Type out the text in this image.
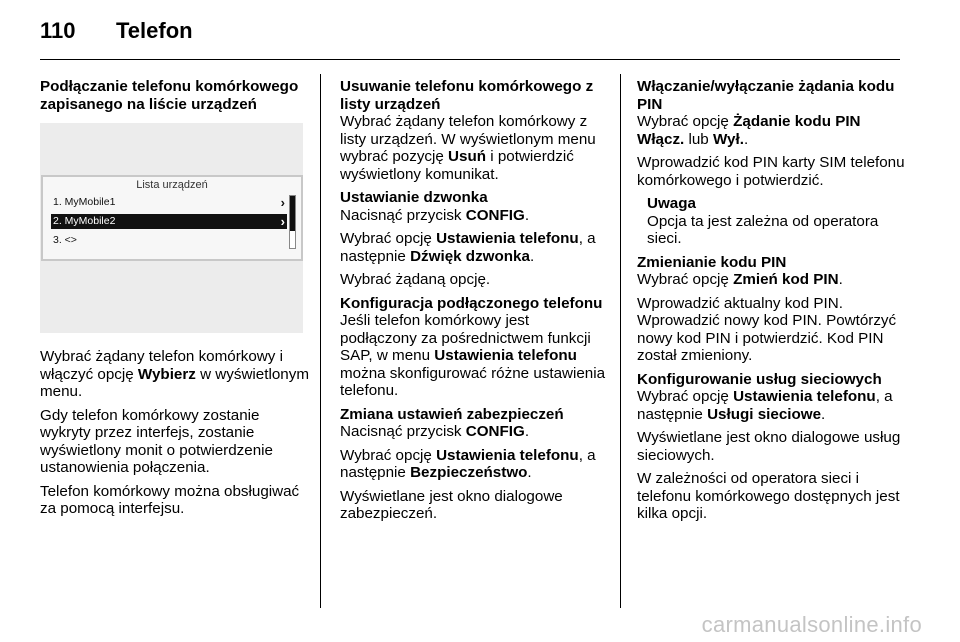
110 Telefon

Podłączanie telefonu komórkowego zapisanego na liście urządzeń

Lista urządzeń
1. MyMobile1	›
2. MyMobile2	›
3. <>

Wybrać żądany telefon komórkowy i włączyć opcję Wybierz w wyświetlonym menu.

Gdy telefon komórkowy zostanie wykryty przez interfejs, zostanie wyświetlony monit o potwierdzenie ustanowienia połączenia.

Telefon komórkowy można obsługiwać za pomocą interfejsu.

Usuwanie telefonu komórkowego z listy urządzeń

Wybrać żądany telefon komórkowy z listy urządzeń. W wyświetlonym menu wybrać pozycję Usuń i potwierdzić wyświetlony komunikat.

Ustawianie dzwonka

Nacisnąć przycisk CONFIG.

Wybrać opcję Ustawienia telefonu, a następnie Dźwięk dzwonka.

Wybrać żądaną opcję.

Konfiguracja podłączonego telefonu

Jeśli telefon komórkowy jest podłączony za pośrednictwem funkcji SAP, w menu Ustawienia telefonu można skonfigurować różne ustawienia telefonu.

Zmiana ustawień zabezpieczeń

Nacisnąć przycisk CONFIG.

Wybrać opcję Ustawienia telefonu, a następnie Bezpieczeństwo.

Wyświetlane jest okno dialogowe zabezpieczeń.

Włączanie/wyłączanie żądania kodu PIN

Wybrać opcję Żądanie kodu PIN Włącz. lub Wył..

Wprowadzić kod PIN karty SIM telefonu komórkowego i potwierdzić.

Uwaga

Opcja ta jest zależna od operatora sieci.

Zmienianie kodu PIN

Wybrać opcję Zmień kod PIN.

Wprowadzić aktualny kod PIN. Wprowadzić nowy kod PIN. Powtórzyć nowy kod PIN i potwierdzić. Kod PIN został zmieniony.

Konfigurowanie usług sieciowych

Wybrać opcję Ustawienia telefonu, a następnie Usługi sieciowe.

Wyświetlane jest okno dialogowe usług sieciowych.

W zależności od operatora sieci i telefonu komórkowego dostępnych jest kilka opcji.

carmanualsonline.info
